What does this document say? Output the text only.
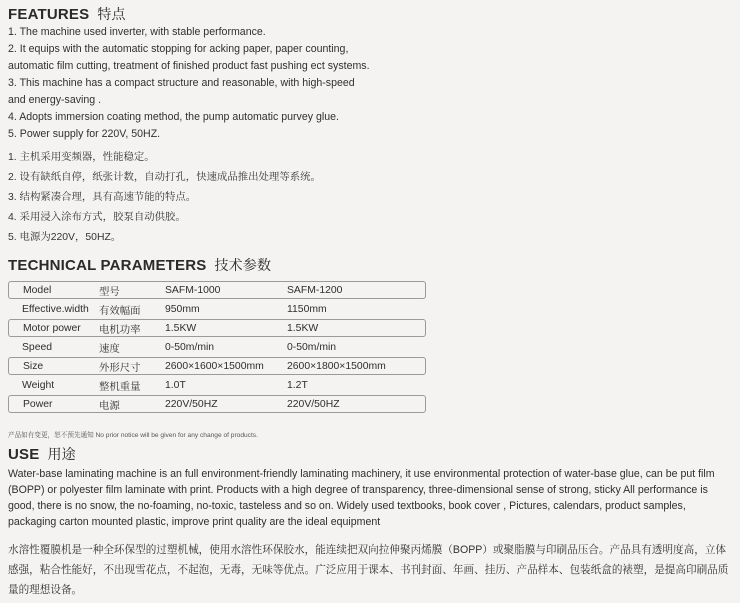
FEATURES 特点
1. The machine used inverter, with stable performance.
2. It equips with the automatic stopping for acking paper, paper counting,
automatic film cutting, treatment of finished product fast pushing ect systems.
3. This machine has a compact structure and reasonable, with high-speed
and energy-saving .
4. Adopts immersion coating method, the pump automatic purvey glue.
5. Power supply for 220V, 50HZ.
1. 主机采用变频器，性能稳定。
2. 设有缺纸自停，纸张计数，自动打孔，快速成品推出处理等系统。
3. 结构紧凑合理，具有高速节能的特点。
4. 采用浸入涂布方式，胶泵自动供胶。
5. 电源为220V，50HZ。
TECHNICAL PARAMETERS 技术参数
Model	型号	SAFM-1000	SAFM-1200
Effective.width	有效幅面	950mm	1150mm
Motor power	电机功率	1.5KW	1.5KW
Speed	速度	0-50m/min	0-50m/min
Size	外形尺寸	2600×1600×1500mm	2600×1800×1500mm
Weight	整机重量	1.0T	1.2T
Power	电源	220V/50HZ	220V/50HZ
产品如有变更，恕不预先通知 No prior notice will be given for any change of products.
USE 用途
Water-base laminating machine is an full environment-friendly laminating machinery, it use environmental protection of water-base glue, can be put film (BOPP) or polyester film laminate with print. Products with a high degree of transparency, three-dimensional sense of strong, sticky All performance is good, there is no snow, the no-foaming, no-toxic, tasteless and so on. Widely used textbooks, book cover , Pictures, calendars, product samples, packaging carton mounted plastic, improve print quality are the ideal equipment
水溶性覆膜机是一种全环保型的过塑机械，使用水溶性环保胶水，能连续把双向拉伸聚丙烯膜（BOPP）或聚脂膜与印刷品压合。产品具有透明度高，立体感强，粘合性能好，不出现雪花点，不起泡，无毒，无味等优点。广泛应用于课本、书刊封面、年画、挂历、产品样本、包装纸盒的裱塑，是提高印刷品质量的理想设备。
